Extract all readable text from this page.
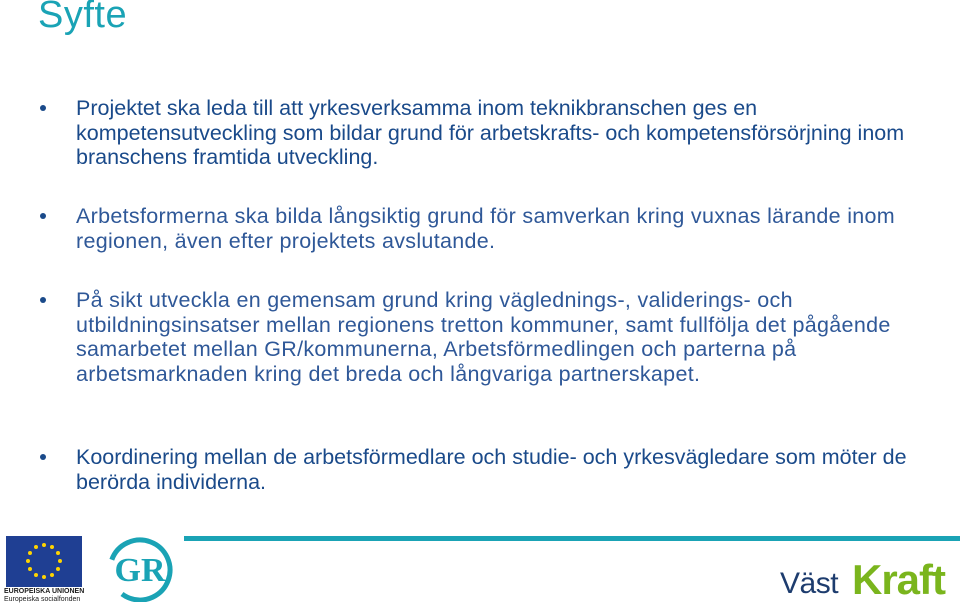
Syfte
Projektet ska leda till att yrkesverksamma inom teknikbranschen ges en kompetensutveckling som bildar grund för arbetskrafts- och kompetensförsörjning inom branschens framtida utveckling.
Arbetsformerna ska bilda långsiktig grund för samverkan kring vuxnas lärande inom regionen, även efter projektets avslutande.
På sikt utveckla en gemensam grund kring väglednings-, validerings- och utbildningsinsatser mellan regionens tretton kommuner, samt fullfölja det pågående samarbetet mellan GR/kommunerna, Arbetsförmedlingen och parterna på arbetsmarknaden kring det breda och långvariga partnerskapet.
Koordinering mellan de arbetsförmedlare och studie- och yrkesvägledare som möter de berörda individerna.
EUROPEISKA UNIONEN
Europeiska socialfonden
GR	Väst Kraft
